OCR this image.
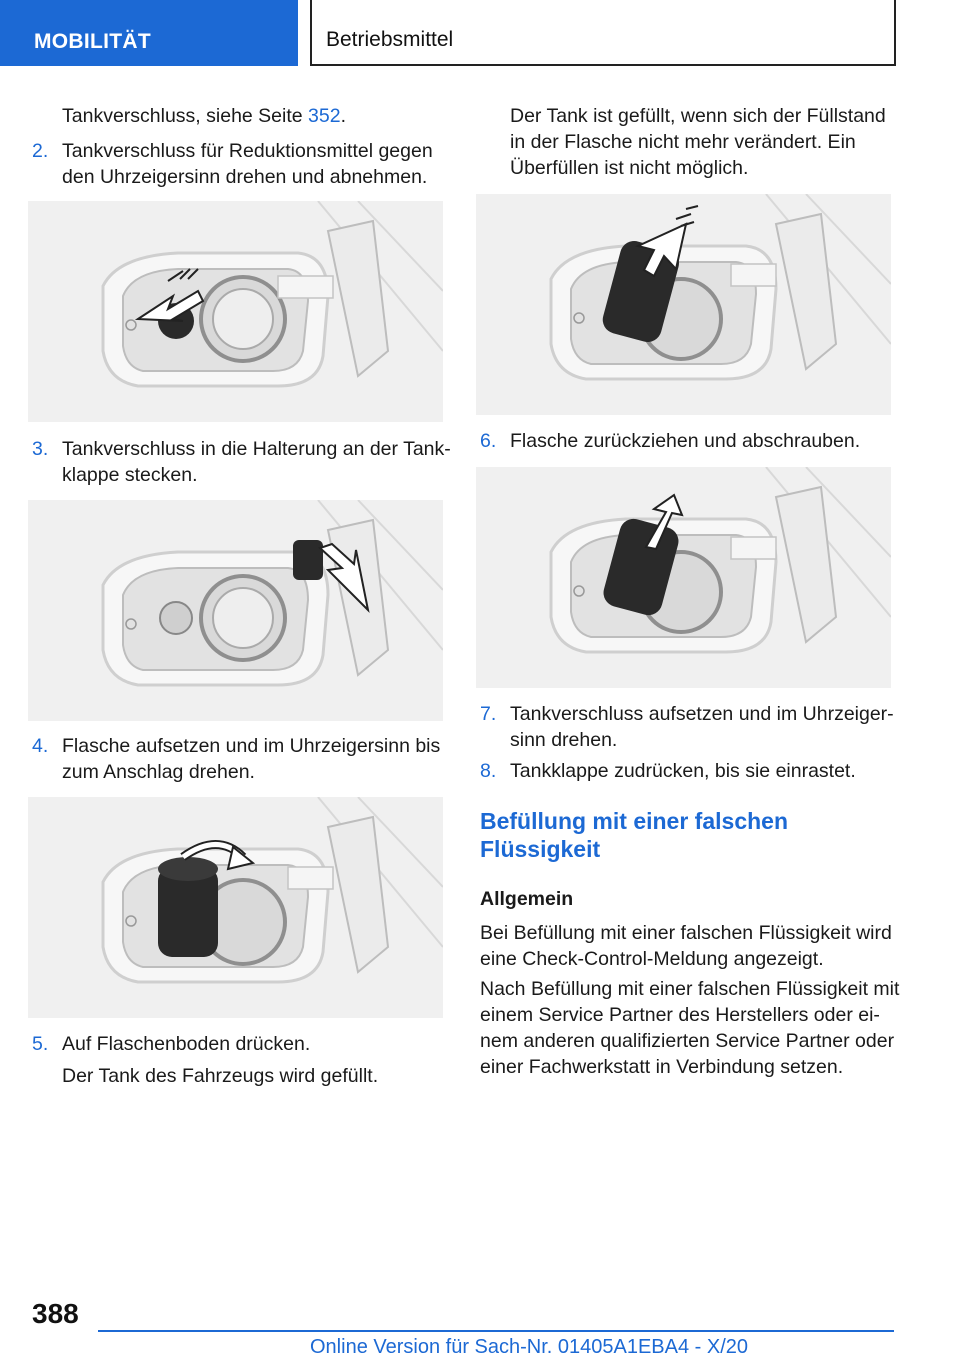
MOBILITÄT	Betriebsmittel
Tankverschluss, siehe Seite 352.
2. Tankverschluss für Reduktionsmittel gegen
den Uhrzeigersinn drehen und abnehmen.
3. Tankverschluss in die Halterung an der Tank-
klappe stecken.
4. Flasche aufsetzen und im Uhrzeigersinn bis
zum Anschlag drehen.
5. Auf Flaschenboden drücken.
Der Tank des Fahrzeugs wird gefüllt.
Der Tank ist gefüllt, wenn sich der Füllstand
in der Flasche nicht mehr verändert. Ein
Überfüllen ist nicht möglich.
6. Flasche zurückziehen und abschrauben.
7. Tankverschluss aufsetzen und im Uhrzeiger-
sinn drehen.
8. Tankklappe zudrücken, bis sie einrastet.
Befüllung mit einer falschen
Flüssigkeit
Allgemein
Bei Befüllung mit einer falschen Flüssigkeit wird
eine Check-Control-Meldung angezeigt.
Nach Befüllung mit einer falschen Flüssigkeit mit
einem Service Partner des Herstellers oder ei-
nem anderen qualifizierten Service Partner oder
einer Fachwerkstatt in Verbindung setzen.
388
Online Version für Sach-Nr. 01405A1EBA4 - X/20
